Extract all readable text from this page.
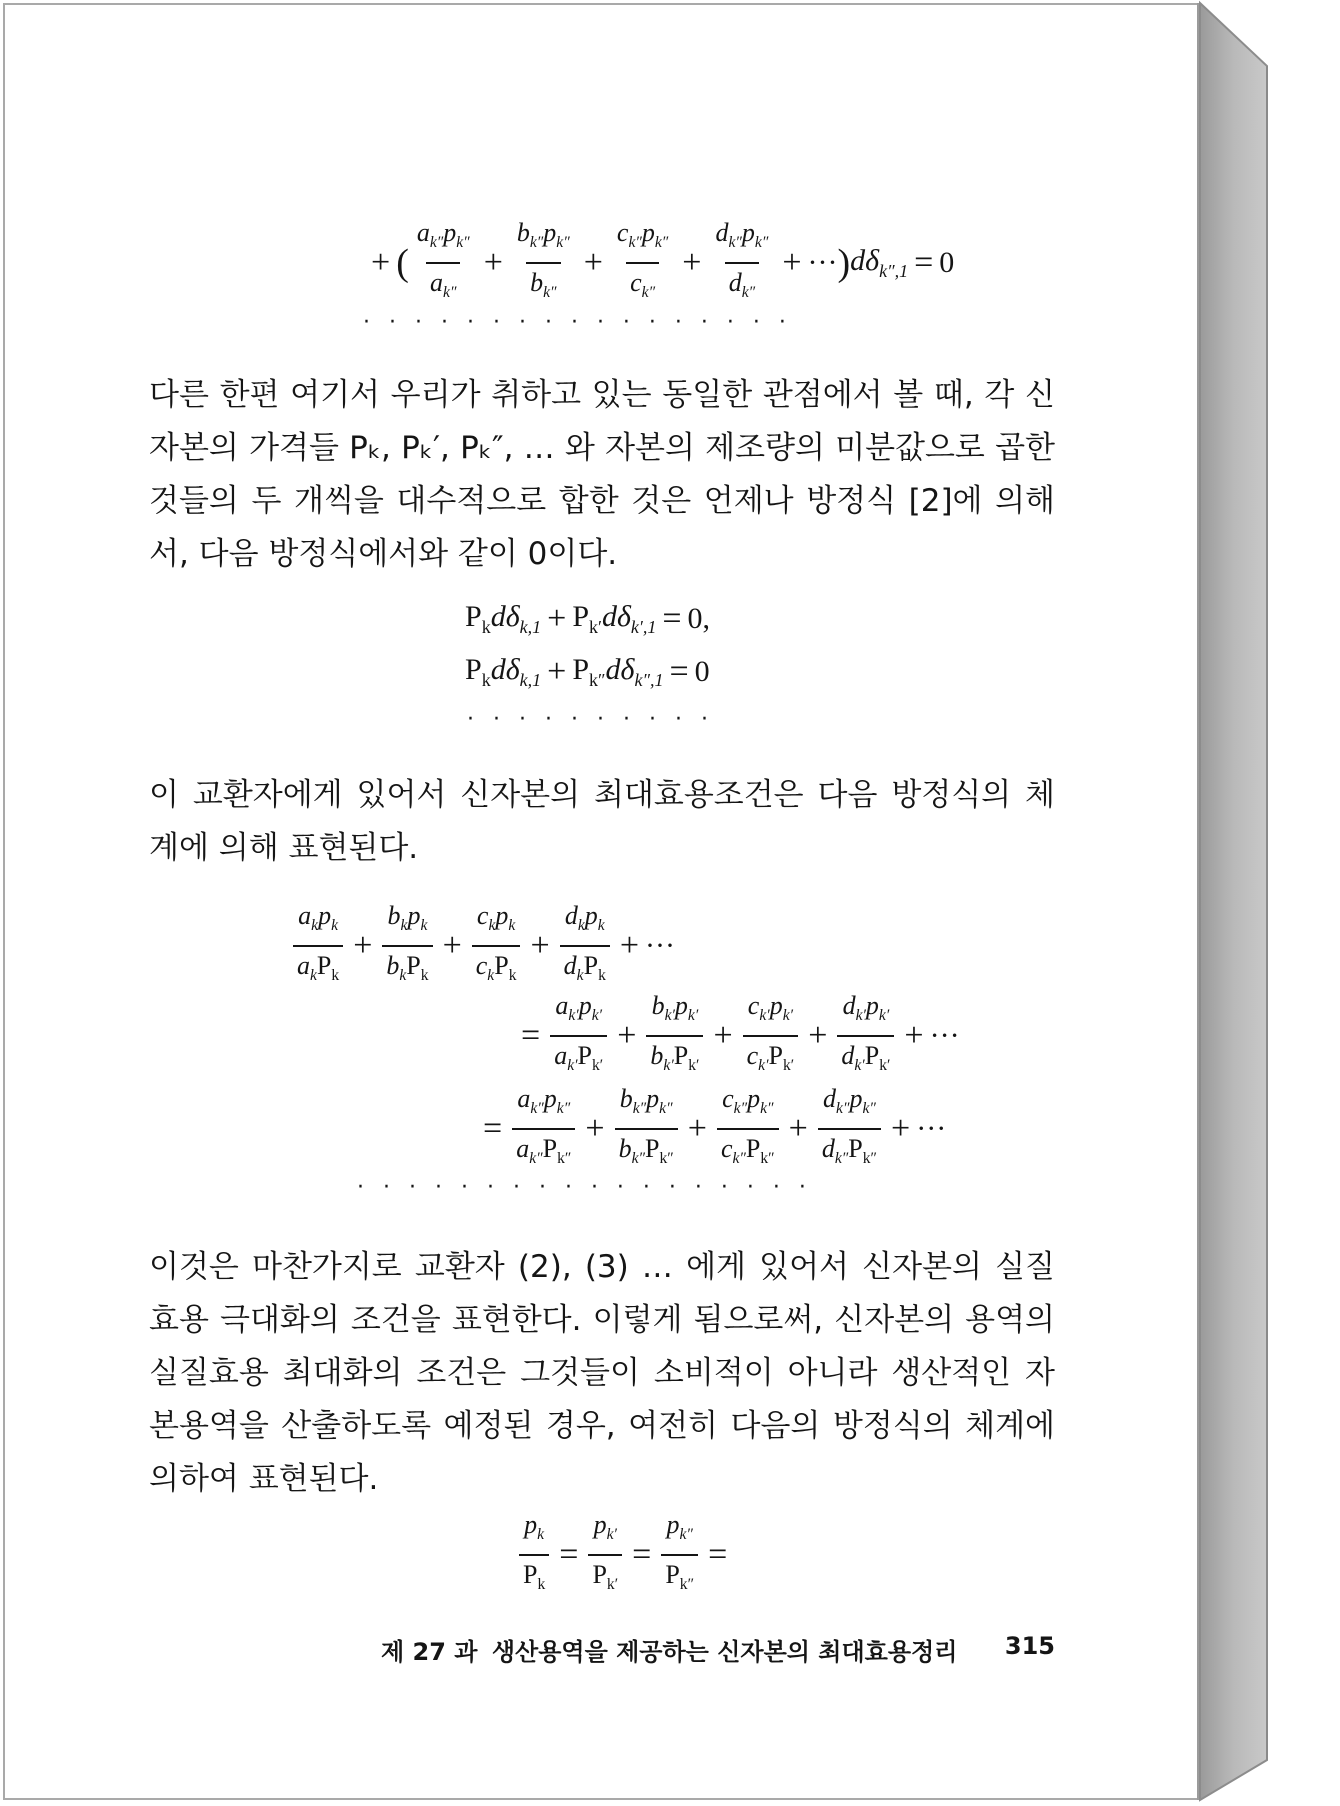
+ ( $\frac{a_{k''}p_{k''}}{a_{k''}} + \frac{b_{k''}p_{k''}}{b_{k''}} + \frac{c_{k''}p_{k''}}{c_{k''}} + \frac{d_{k''}p_{k''}}{d_{k''}}$ + ··· ) $d\delta_{k'',1} = 0$
·················
다른 한편 여기서 우리가 취하고 있는 동일한 관점에서 볼 때, 각 신자본의 가격들 Pₖ, Pₖ′, Pₖ″, … 와 자본의 제조량의 미분값으로 곱한 것들의 두 개씩을 대수적으로 합한 것은 언제나 방정식 [2]에 의해서, 다음 방정식에서와 같이 0이다.
$P_k$ $d\delta_{k,1} + P_{k'}$ $d\delta_{k',1} = 0$,
$P_k$ $d\delta_{k,1} + P_{k''}$ $d\delta_{k'',1} = 0$
··········
이 교환자에게 있어서 신자본의 최대효용조건은 다음 방정식의 체계에 의해 표현된다.
$\frac{a_kp_k}{a_kP_k} + \frac{b_kp_k}{b_kP_k} + \frac{c_kp_k}{c_kP_k} + \frac{d_kp_k}{d_kP_k}$ + ···
= $\frac{a_{k'}p_{k'}}{a_{k'}P_{k'}} + \frac{b_{k'}p_{k'}}{b_{k'}P_{k'}} + \frac{c_{k'}p_{k'}}{c_{k'}P_{k'}} + \frac{d_{k'}p_{k'}}{d_{k'}P_{k'}}$ + ···
= $\frac{a_{k''}p_{k''}}{a_{k''}P_{k''}} + \frac{b_{k''}p_{k''}}{b_{k''}P_{k''}} + \frac{c_{k''}p_{k''}}{c_{k''}P_{k''}} + \frac{d_{k''}p_{k''}}{d_{k''}P_{k''}}$ + ···
··················
이것은 마찬가지로 교환자 (2), (3) … 에게 있어서 신자본의 실질효용 극대화의 조건을 표현한다. 이렇게 됨으로써, 신자본의 용역의 실질효용 최대화의 조건은 그것들이 소비적이 아니라 생산적인 자본용역을 산출하도록 예정된 경우, 여전히 다음의 방정식의 체계에 의하여 표현된다.
$\frac{p_k}{P_k} = \frac{p_{k'}}{P_{k'}} = \frac{p_{k''}}{P_{k''}}$ =
제 27 과 생산용역을 제공하는 신자본의 최대효용정리 315
